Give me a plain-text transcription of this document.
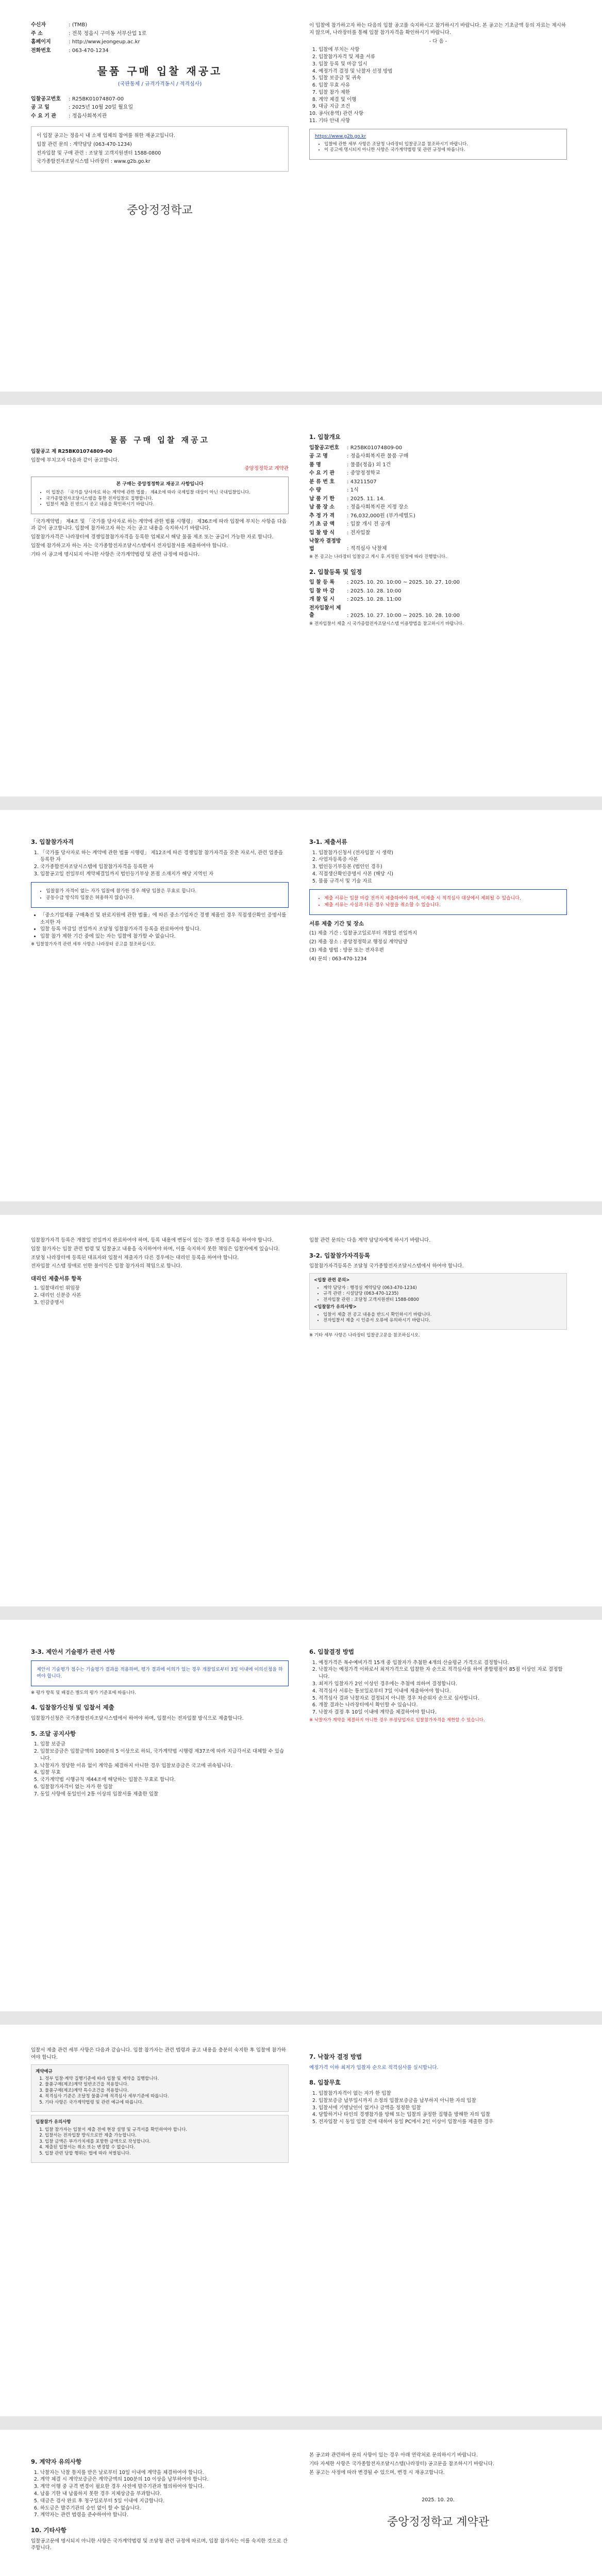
수신자	: (TMB)
주 소	: 전북 정읍시 구미동 서부산업 1로
홈페이지	: http://www.jeongeup.ac.kr
전화번호	: 063-470-1234
물품 구매 입찰 재공고
(국판통제 / 규격가격동시 / 적격심사)
입찰공고번호 : R25BK01074807-00
공 고 일	: 2025년 10월 20일 월요일
수 요 기 관 : 정읍사회복지관

이 입찰 공고는 정읍시 내 소재 업체의 참여를 위한 재공고입니다.

입찰 관련 문의 : 계약담당 (063-470-1234)

전자입찰 및 구매 관련 : 조달청 고객지원센터 1588-0800

국가종합전자조달시스템 나라장터 : www.g2b.go.kr

중앙정정학교

이 입찰에 참가하고자 하는 다음의 입찰 공고를 숙지하시고 참가하시기 바랍니다. 본 공고는 기초금액 등의 자료는 제시하지 않으며, 나라장터를 통해 입찰 참가자격을 확인하시기 바랍니다.

- 다 음 -

1. 입찰에 부치는 사항
2. 입찰참가자격 및 제출 서류
3. 입찰 등록 및 마감 일시
4. 예정가격 결정 및 낙찰자 선정 방법
5. 입찰 보증금 및 귀속
6. 입찰 무효 사유
7. 입찰 참가 제한
8. 계약 체결 및 이행
9. 대금 지급 조건
10. 공사(용역) 관련 사항
11. 기타 안내 사항
https://www.g2b.go.kr
• 입찰에 관한 세부 사항은 조달청 나라장터 입찰공고를 참조하시기 바랍니다.
• 이 공고에 명시되지 아니한 사항은 국가계약법령 및 관련 규정에 따릅니다.
물품 구매 입찰 재공고

입찰공고 제 R25BK01074809-00

입찰에 부치고자 다음과 같이 공고합니다.

중앙정정학교 계약관

본 구매는 중앙정정학교 재공고 사항입니다
• 이 입찰은 「국가를 당사자로 하는 계약에 관한 법률」 제4조에 따라 국제입찰 대상이 아닌 국내입찰입니다.
• 국가종합전자조달시스템을 통한 전자입찰로 집행합니다.
• 입찰서 제출 전 반드시 공고 내용을 확인하시기 바랍니다.

「국가계약법」 제4조 및 「국가를 당사자로 하는 계약에 관한 법률 시행령」 제36조에 따라 입찰에 부치는 사항을 다음과 같이 공고합니다. 입찰에 참가하고자 하는 자는 공고 내용을 숙지하시기 바랍니다.

입찰참가자격은 나라장터에 경쟁입찰참가자격을 등록한 업체로서 해당 물품 제조 또는 공급이 가능한 자로 합니다.

입찰에 참가하고자 하는 자는 국가종합전자조달시스템에서 전자입찰서를 제출하여야 합니다.

기타 이 공고에 명시되지 아니한 사항은 국가계약법령 및 관련 규정에 따릅니다.

1. 입찰개요
입찰공고번호 : R25BK01074809-00
공 고 명	: 정읍사회복지관 물품 구매
품 명	: 물품(정읍) 외 1건
수 요 기 관 : 중앙정정학교
분 류 번 호 : 43211507
수 량	: 1식
납 품 기 한 : 2025. 11. 14.
납 품 장 소 : 정읍사회복지관 지정 장소
추 정 가 격 : 76,032,000원 (부가세별도)
기 초 금 액 : 입찰 개시 전 공개
입 찰 방 식 : 전자입찰
낙찰자 결정방법	: 적격심사 낙찰제

※ 본 공고는 나라장터 입찰공고 게시 후 지정된 일정에 따라 진행합니다.

2. 입찰등록 및 일정
입 찰 등 록 : 2025. 10. 20. 10:00 ~ 2025. 10. 27. 10:00
입 찰 마 감 : 2025. 10. 28. 10:00
개 찰 일 시 : 2025. 10. 28. 11:00
전자입찰서 제출	: 2025. 10. 27. 10:00 ~ 2025. 10. 28. 10:00

※ 전자입찰서 제출 시 국가종합전자조달시스템 이용방법을 참고하시기 바랍니다.

3. 입찰참가자격
1. 「국가를 당사자로 하는 계약에 관한 법률 시행령」 제12조에 따른 경쟁입찰 참가자격을 갖춘 자로서, 관련 업종을 등록한 자
2. 국가종합전자조달시스템에 입찰참가자격을 등록한 자
3. 입찰공고일 전일부터 계약체결일까지 법인등기부상 본점 소재지가 해당 지역인 자
• 입찰참가 자격이 없는 자가 입찰에 참가한 경우 해당 입찰은 무효로 합니다.
• 공동수급 방식의 입찰은 허용하지 않습니다.
• 「중소기업제품 구매촉진 및 판로지원에 관한 법률」에 따른 중소기업자간 경쟁 제품인 경우 직접생산확인 증명서를 소지한 자
• 입찰 등록 마감일 전일까지 조달청 입찰참가자격 등록을 완료하여야 합니다.
• 입찰 참가 제한 기간 중에 있는 자는 입찰에 참가할 수 없습니다.

※ 입찰참가자격 관련 세부 사항은 나라장터 공고를 참조하십시오.

3-1. 제출서류
1. 입찰참가신청서 (전자입찰 시 생략)
2. 사업자등록증 사본
3. 법인등기부등본 (법인인 경우)
4. 직접생산확인증명서 사본 (해당 시)
5. 물품 규격서 및 기술 자료
• 제출 서류는 입찰 마감 전까지 제출하여야 하며, 미제출 시 적격심사 대상에서 제외될 수 있습니다.
• 제출 서류는 사실과 다른 경우 낙찰을 취소할 수 있습니다.
서류 제출 기간 및 장소

(1) 제출 기간 : 입찰공고일로부터 개찰일 전일까지

(2) 제출 장소 : 중앙정정학교 행정실 계약담당

(3) 제출 방법 : 방문 또는 전자우편

(4) 문의 : 063-470-1234

입찰참가자격 등록은 개찰일 전일까지 완료하여야 하며, 등록 내용에 변동이 있는 경우 변경 등록을 하여야 합니다.

입찰 참가자는 입찰 관련 법령 및 입찰공고 내용을 숙지하여야 하며, 이를 숙지하지 못한 책임은 입찰자에게 있습니다.

조달청 나라장터에 등록된 대표자와 입찰서 제출자가 다른 경우에는 대리인 등록을 하여야 합니다.

전자입찰 시스템 장애로 인한 불이익은 입찰 참가자의 책임으로 합니다.

대리인 제출서류 항목
1. 입찰대리인 위임장
2. 대리인 신분증 사본
3. 인감증명서

입찰 관련 문의는 다음 계약 담당자에게 하시기 바랍니다.

3-2. 입찰참가자격등록

입찰참가자격등록은 조달청 국가종합전자조달시스템에서 하여야 합니다.

<입찰 관련 문의>
• 계약 담당자 : 행정실 계약담당 (063-470-1234)
• 규격 관련 : 시설담당 (063-470-1235)
• 전자입찰 관련 : 조달청 고객지원센터 1588-0800
<입찰참가 유의사항>
• 입찰서 제출 전 공고 내용을 반드시 확인하시기 바랍니다.
• 전자입찰서 제출 시 인증서 오류에 유의하시기 바랍니다.

※ 기타 세부 사항은 나라장터 입찰공고문을 참조하십시오.

3-3. 제안서 기술평가 관련 사항

제안서 기술평가 점수는 기술평가 결과를 적용하며, 평가 결과에 이의가 있는 경우 개찰일로부터 3일 이내에 이의신청을 하여야 합니다.

※ 평가 항목 및 배점은 별도의 평가 기준표에 따릅니다.

4. 입찰참가신청 및 입찰서 제출

입찰참가신청은 국가종합전자조달시스템에서 하여야 하며, 입찰서는 전자입찰 방식으로 제출합니다.

5. 조달 공지사항
1. 입찰 보증금
2. 입찰보증금은 입찰금액의 100분의 5 이상으로 하되, 국가계약법 시행령 제37조에 따라 지급각서로 대체할 수 있습니다.
3. 낙찰자가 정당한 이유 없이 계약을 체결하지 아니한 경우 입찰보증금은 국고에 귀속됩니다.
4. 입찰 무효
5. 국가계약법 시행규칙 제44조에 해당하는 입찰은 무효로 합니다.
6. 입찰참가자격이 없는 자가 한 입찰
7. 동일 사항에 동일인이 2통 이상의 입찰서를 제출한 입찰
6. 입찰결정 방법
1. 예정가격은 복수예비가격 15개 중 입찰자가 추첨한 4개의 산술평균 가격으로 결정합니다.
2. 낙찰자는 예정가격 이하로서 최저가격으로 입찰한 자 순으로 적격심사를 하여 종합평점이 85점 이상인 자로 결정합니다.
3. 최저가 입찰자가 2인 이상인 경우에는 추첨에 의하여 결정합니다.
4. 적격심사 서류는 통보일로부터 7일 이내에 제출하여야 합니다.
5. 적격심사 결과 낙찰자로 결정되지 아니한 경우 차순위자 순으로 심사합니다.
6. 개찰 결과는 나라장터에서 확인할 수 있습니다.
7. 낙찰자 결정 후 10일 이내에 계약을 체결하여야 합니다.

※ 낙찰자가 계약을 체결하지 아니한 경우 부정당업자로 입찰참가자격을 제한할 수 있습니다.

입찰서 제출 관련 세부 사항은 다음과 같습니다. 입찰 참가자는 관련 법령과 공고 내용을 충분히 숙지한 후 입찰에 참가하여야 합니다.

계약예규
1. 정부 입찰·계약 집행기준에 따라 입찰 및 계약을 집행합니다.
2. 물품구매(제조)계약 일반조건을 적용합니다.
3. 물품구매(제조)계약 특수조건을 적용합니다.
4. 적격심사 기준은 조달청 물품구매 적격심사 세부기준에 따릅니다.
5. 기타 사항은 국가계약법령 및 관련 예규에 따릅니다.
입찰참가 유의사항
1. 입찰 참가자는 입찰서 제출 전에 현장 설명 및 규격서를 확인하여야 합니다.
2. 입찰서는 전자입찰 방식으로만 제출 가능합니다.
3. 입찰 금액은 부가가치세를 포함한 금액으로 작성합니다.
4. 제출된 입찰서는 취소 또는 변경할 수 없습니다.
5. 입찰 관련 담합 행위는 법에 따라 처벌됩니다.
7. 낙찰자 결정 방법

예정가격 이하 최저가 입찰자 순으로 적격심사를 실시합니다.

8. 입찰무효
1. 입찰참가자격이 없는 자가 한 입찰
2. 입찰보증금 납부일시까지 소정의 입찰보증금을 납부하지 아니한 자의 입찰
3. 입찰서에 기명날인이 없거나 금액을 정정한 입찰
4. 담합하거나 타인의 경쟁참가를 방해 또는 입찰의 공정한 집행을 방해한 자의 입찰
5. 전자입찰 시 동일 입찰 건에 대하여 동일 PC에서 2인 이상이 입찰서를 제출한 경우
9. 계약자 유의사항
1. 낙찰자는 낙찰 통지를 받은 날로부터 10일 이내에 계약을 체결하여야 합니다.
2. 계약 체결 시 계약보증금은 계약금액의 100분의 10 이상을 납부하여야 합니다.
3. 계약 이행 중 규격 변경이 필요한 경우 사전에 발주기관과 협의하여야 합니다.
4. 납품 기한 내 납품하지 못한 경우 지체상금을 부과합니다.
5. 대금은 검사 완료 후 청구일로부터 5일 이내에 지급합니다.
6. 하도급은 발주기관의 승인 없이 할 수 없습니다.
7. 계약자는 관련 법령을 준수하여야 합니다.
10. 기타사항

입찰공고문에 명시되지 아니한 사항은 국가계약법령 및 조달청 관련 규정에 따르며, 입찰 참가자는 이를 숙지한 것으로 간주합니다.

본 공고와 관련하여 문의 사항이 있는 경우 아래 연락처로 문의하시기 바랍니다.

기타 자세한 사항은 국가종합전자조달시스템(나라장터) 공고문을 참조하시기 바랍니다.

본 공고는 사정에 따라 변경될 수 있으며, 변경 시 재공고합니다.

2025. 10. 20.

중앙정정학교 계약관
